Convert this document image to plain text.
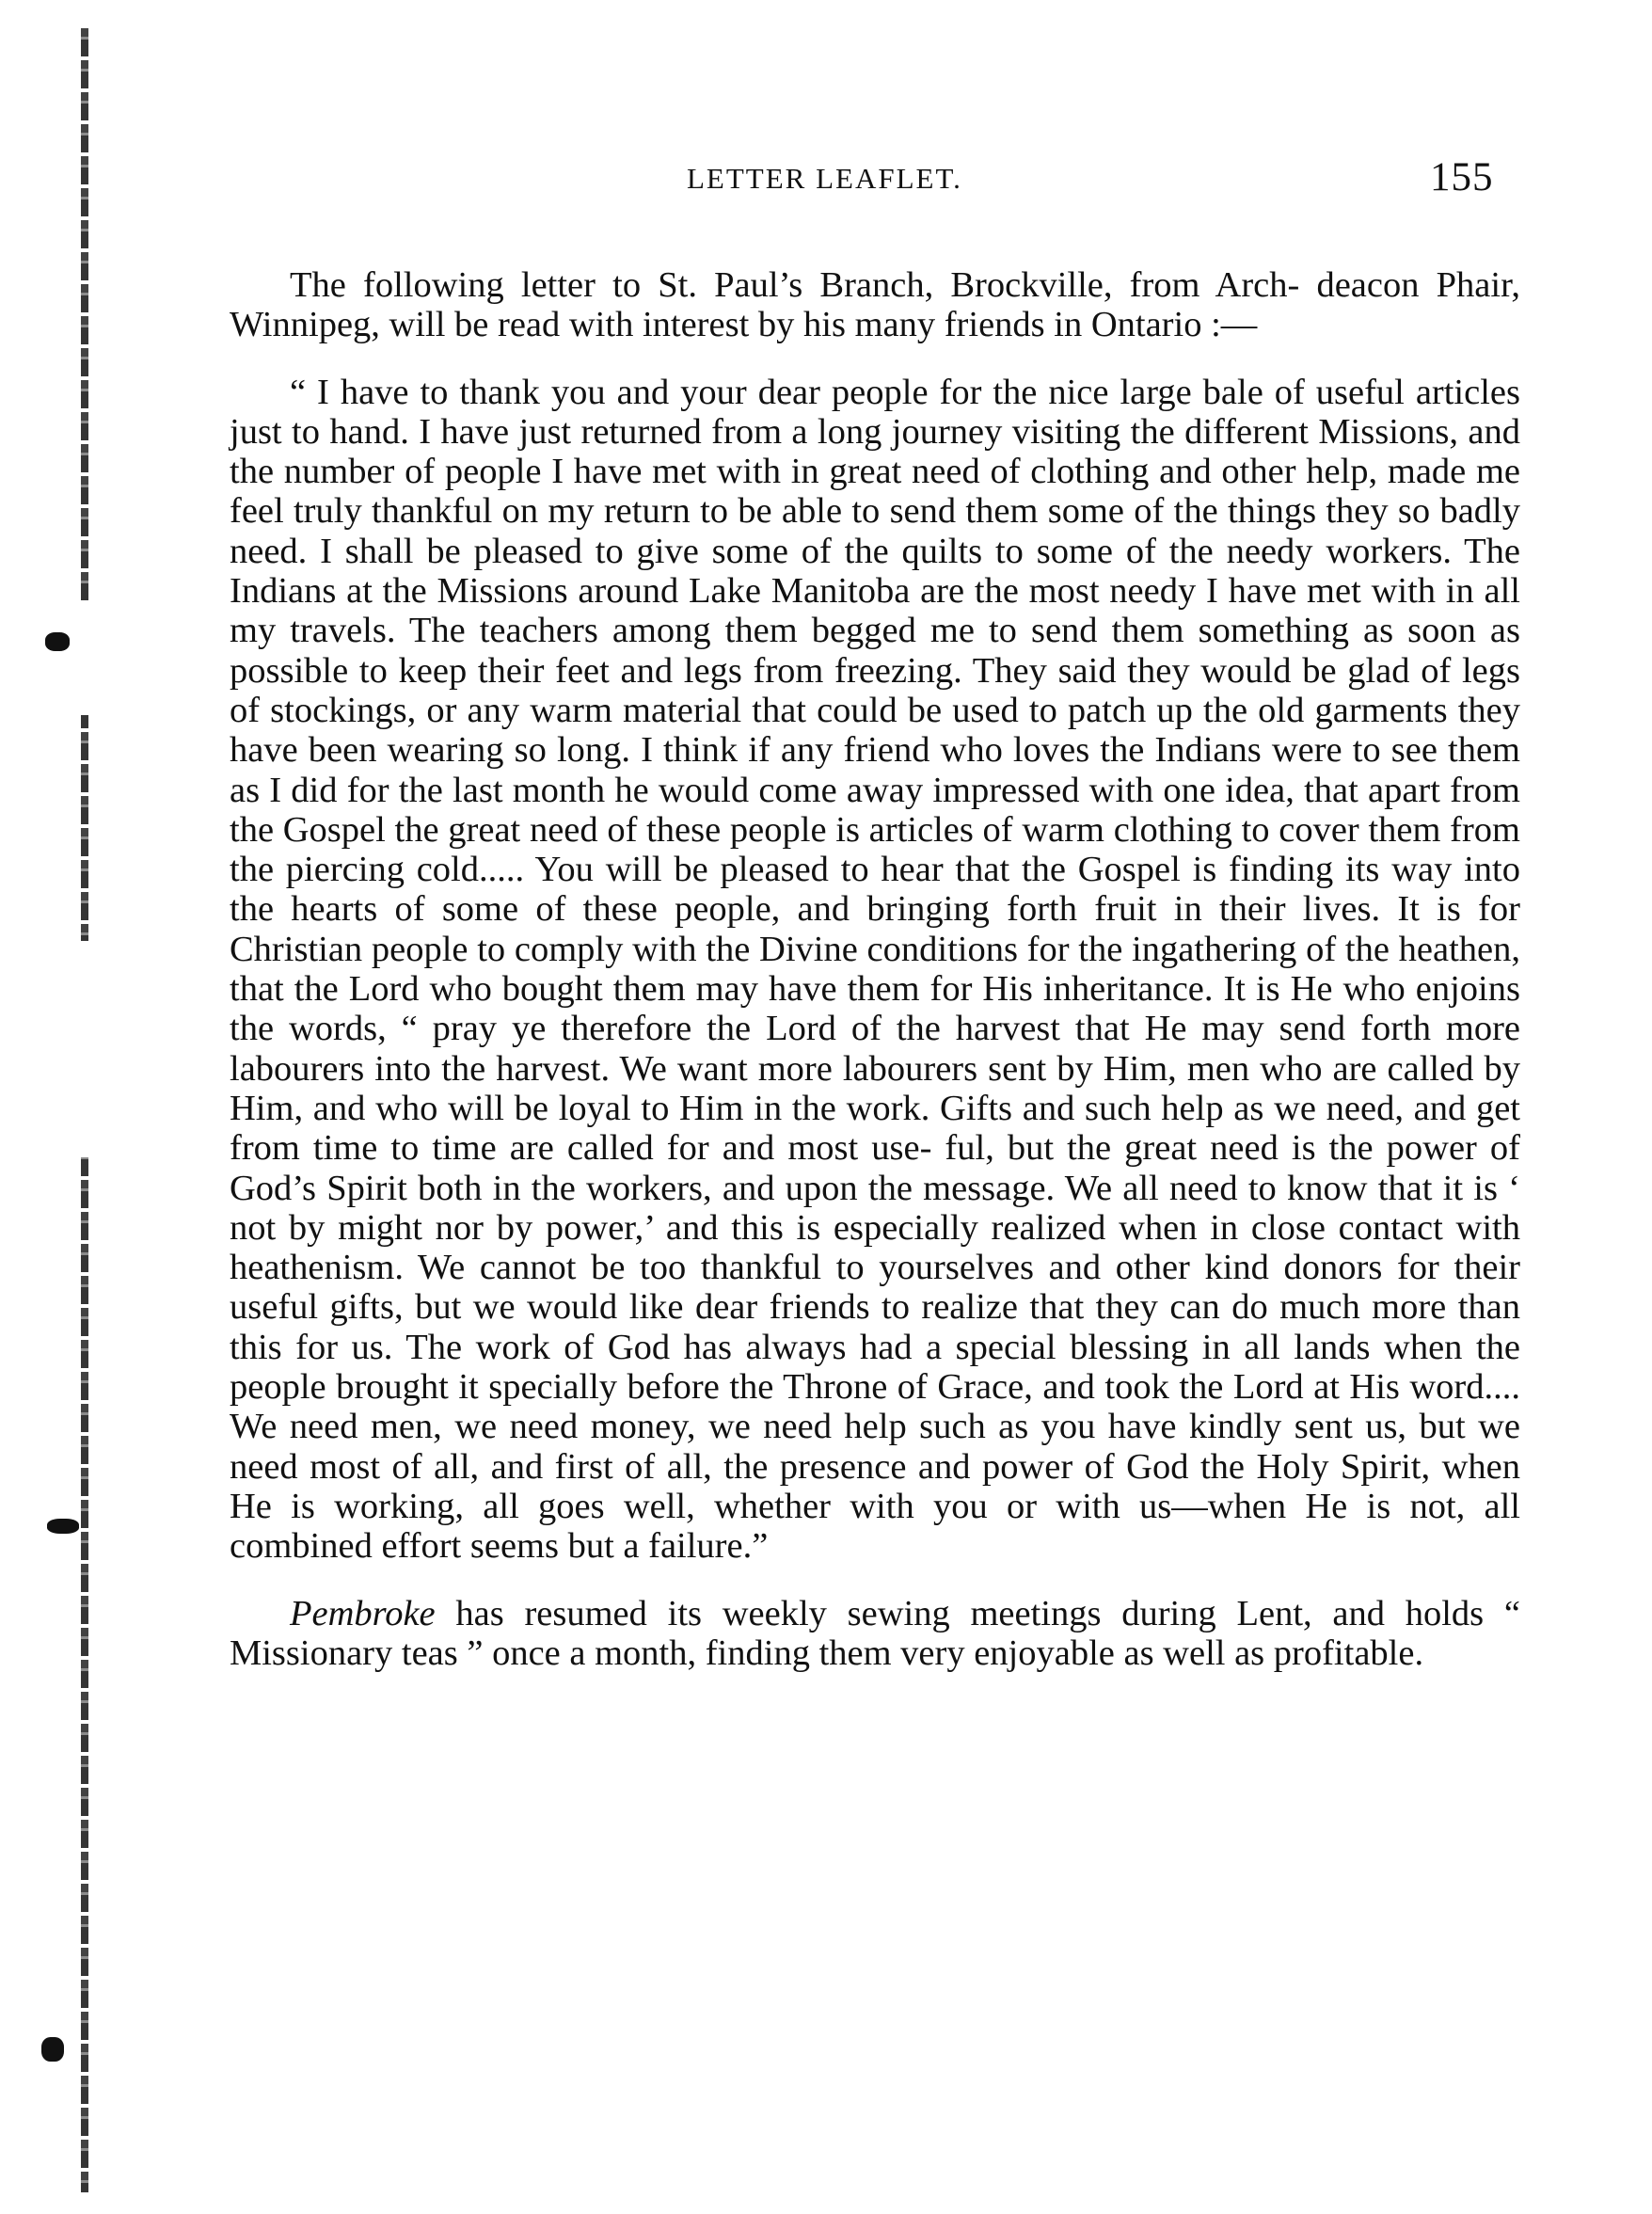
LETTER LEAFLET.	155

The following letter to St. Paul’s Branch, Brockville, from Arch- deacon Phair, Winnipeg, will be read with interest by his many friends in Ontario :—

“ I have to thank you and your dear people for the nice large bale of useful articles just to hand. I have just returned from a long journey visiting the different Missions, and the number of people I have met with in great need of clothing and other help, made me feel truly thankful on my return to be able to send them some of the things they so badly need. I shall be pleased to give some of the quilts to some of the needy workers. The Indians at the Missions around Lake Manitoba are the most needy I have met with in all my travels. The teachers among them begged me to send them something as soon as possible to keep their feet and legs from freezing. They said they would be glad of legs of stockings, or any warm material that could be used to patch up the old garments they have been wearing so long. I think if any friend who loves the Indians were to see them as I did for the last month he would come away impressed with one idea, that apart from the Gospel the great need of these people is articles of warm clothing to cover them from the piercing cold..... You will be pleased to hear that the Gospel is finding its way into the hearts of some of these people, and bringing forth fruit in their lives. It is for Christian people to comply with the Divine conditions for the ingathering of the heathen, that the Lord who bought them may have them for His inheritance. It is He who enjoins the words, “ pray ye therefore the Lord of the harvest that He may send forth more labourers into the harvest. We want more labourers sent by Him, men who are called by Him, and who will be loyal to Him in the work. Gifts and such help as we need, and get from time to time are called for and most use- ful, but the great need is the power of God’s Spirit both in the workers, and upon the message. We all need to know that it is ‘ not by might nor by power,’ and this is especially realized when in close contact with heathenism. We cannot be too thankful to yourselves and other kind donors for their useful gifts, but we would like dear friends to realize that they can do much more than this for us. The work of God has always had a special blessing in all lands when the people brought it specially before the Throne of Grace, and took the Lord at His word.... We need men, we need money, we need help such as you have kindly sent us, but we need most of all, and first of all, the presence and power of God the Holy Spirit, when He is working, all goes well, whether with you or with us—when He is not, all combined effort seems but a failure.”

Pembroke has resumed its weekly sewing meetings during Lent, and holds “ Missionary teas ” once a month, finding them very enjoyable as well as profitable.
